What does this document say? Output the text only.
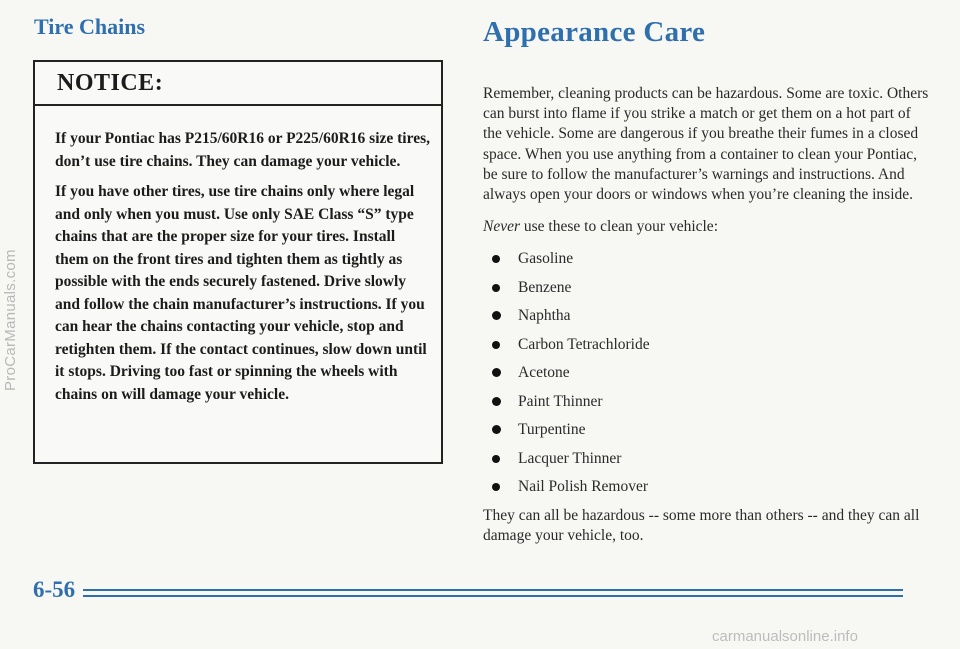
ProCarManuals.com
Tire Chains
NOTICE:

If your Pontiac has P215/60R16 or P225/60R16 size tires, don’t use tire chains. They can damage your vehicle.

If you have other tires, use tire chains only where legal and only when you must. Use only SAE Class “S” type chains that are the proper size for your tires. Install them on the front tires and tighten them as tightly as possible with the ends securely fastened. Drive slowly and follow the chain manufacturer’s instructions. If you can hear the chains contacting your vehicle, stop and retighten them. If the contact continues, slow down until it stops. Driving too fast or spinning the wheels with chains on will damage your vehicle.

Appearance Care

Remember, cleaning products can be hazardous. Some are toxic. Others can burst into flame if you strike a match or get them on a hot part of the vehicle. Some are dangerous if you breathe their fumes in a closed space. When you use anything from a container to clean your Pontiac, be sure to follow the manufacturer’s warnings and instructions. And always open your doors or windows when you’re cleaning the inside.

Never use these to clean your vehicle:

Gasoline
Benzene
Naphtha
Carbon Tetrachloride
Acetone
Paint Thinner
Turpentine
Lacquer Thinner
Nail Polish Remover

They can all be hazardous -- some more than others -- and they can all damage your vehicle, too.

6-56
carmanualsonline.info
